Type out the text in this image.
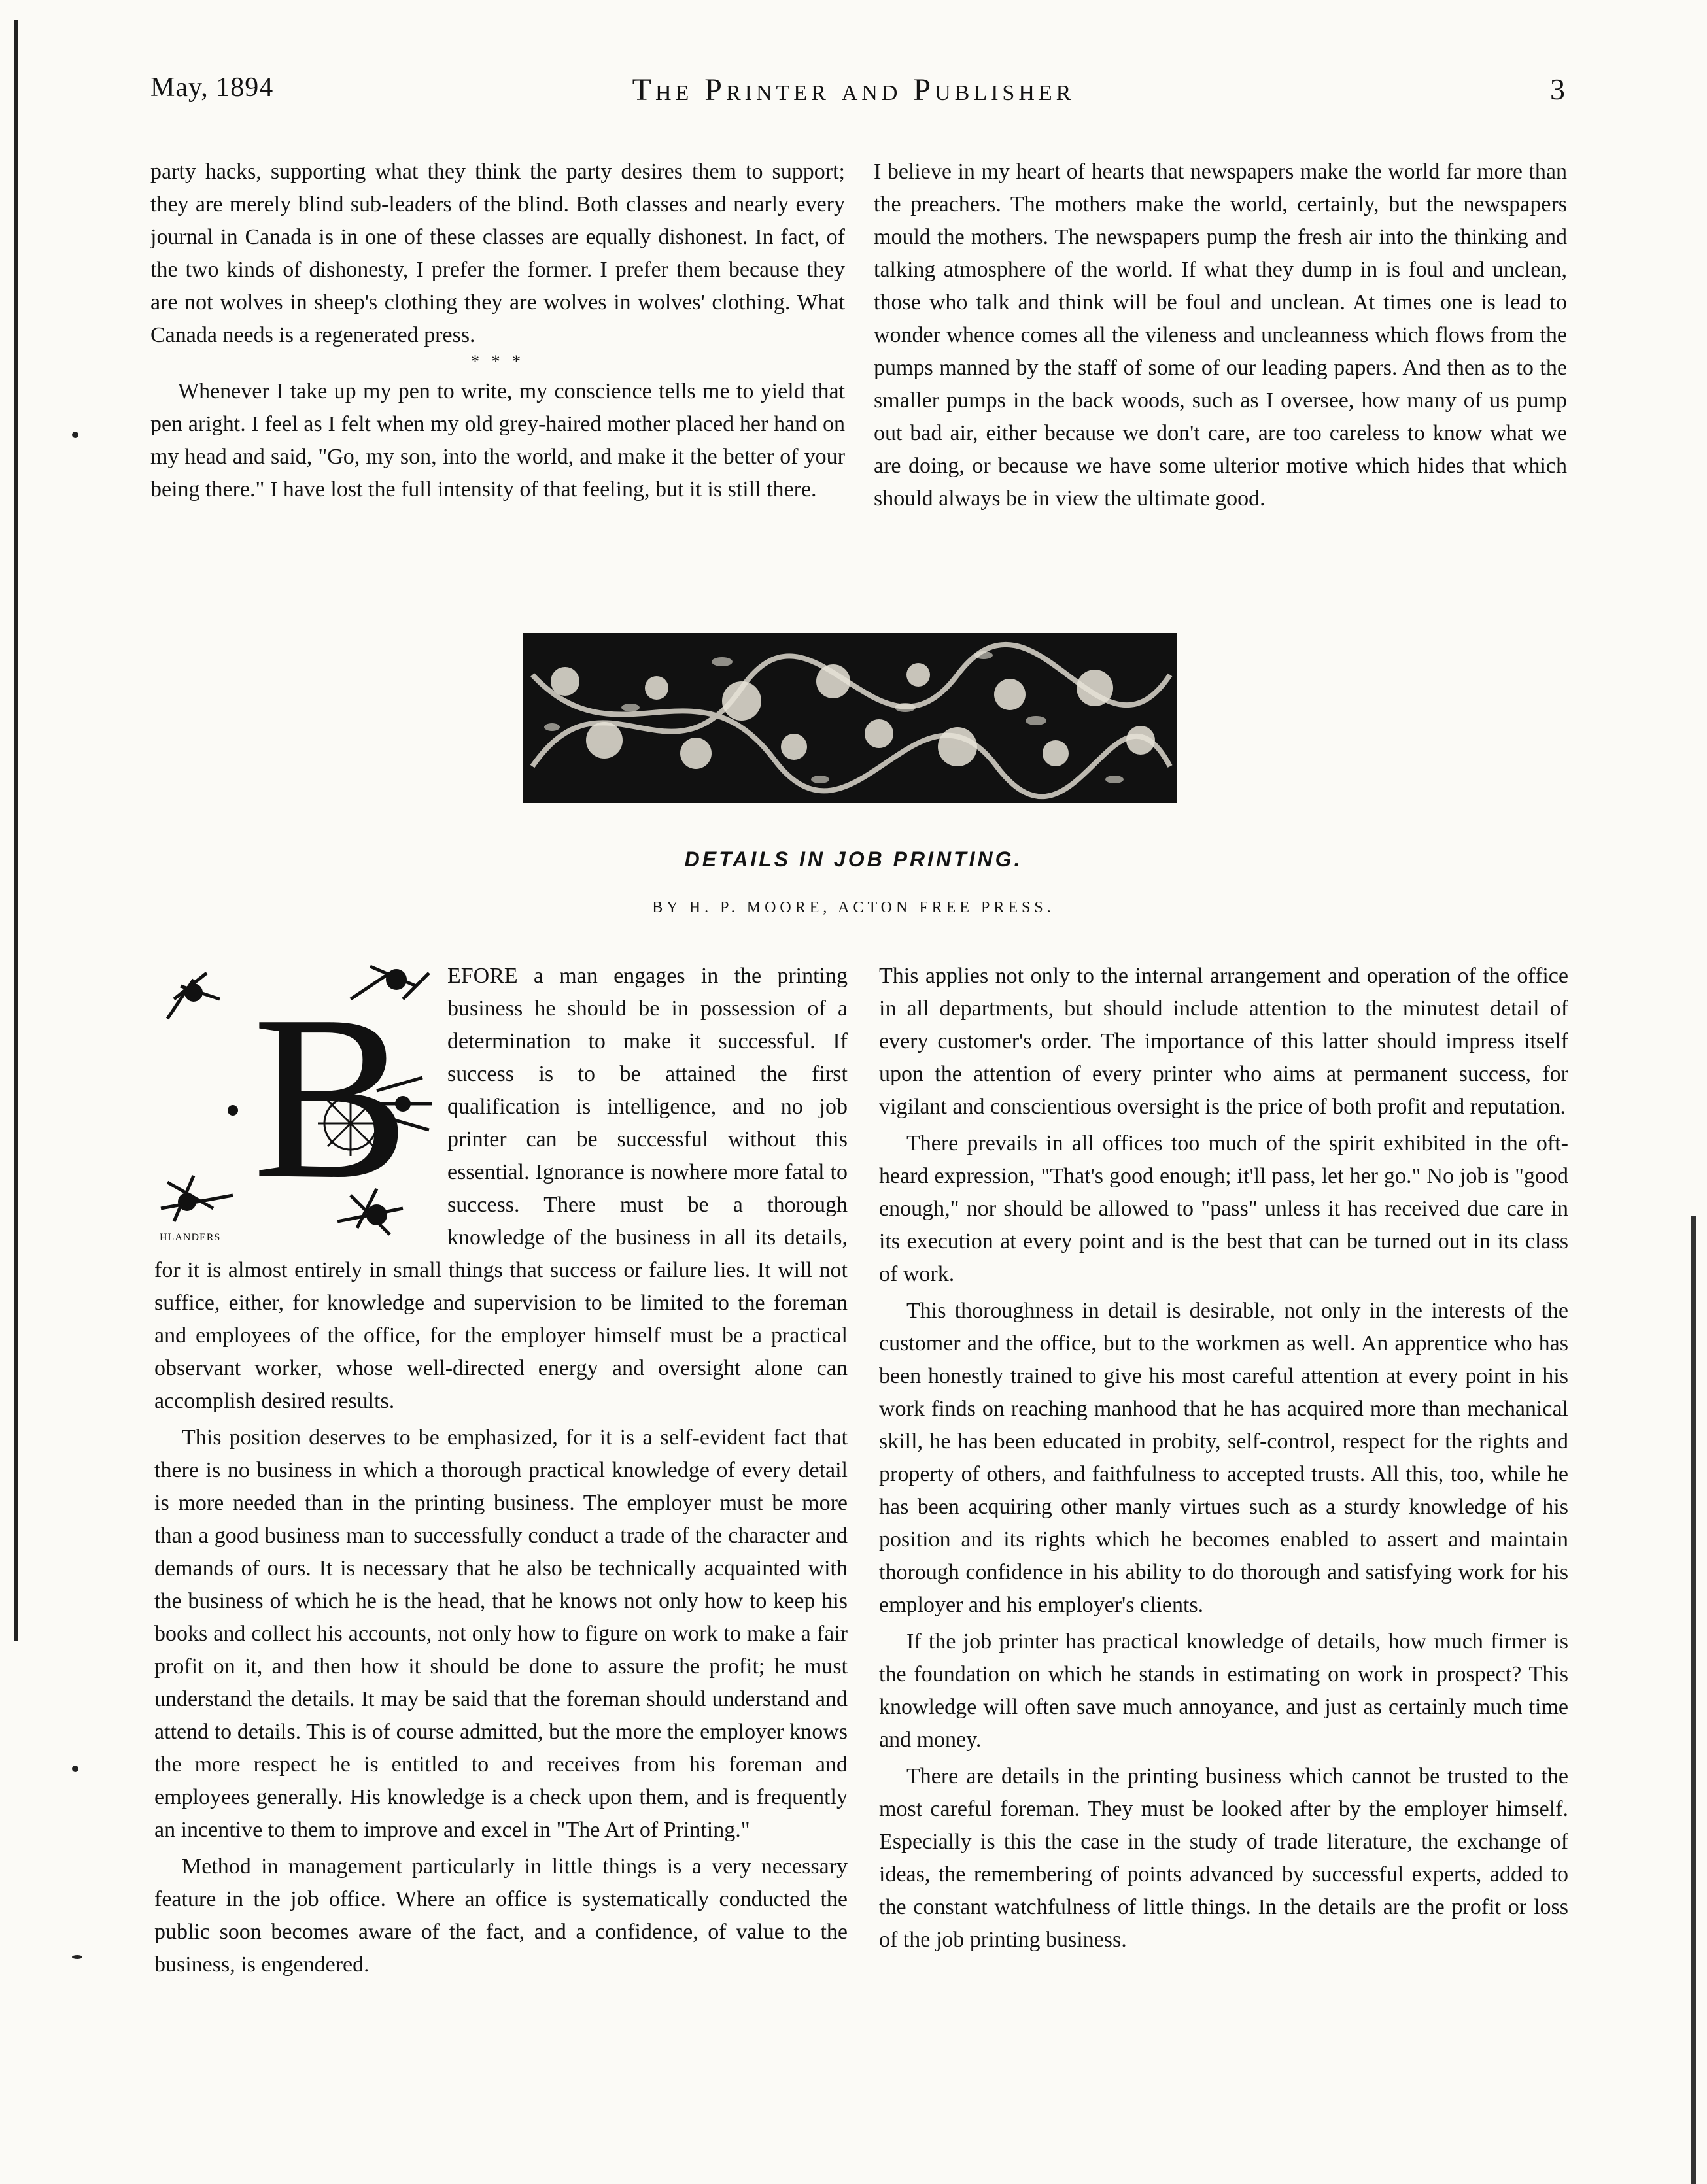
May, 1894	The Printer and Publisher	3

party hacks, supporting what they think the party desires them to support; they are merely blind sub-leaders of the blind. Both classes and nearly every journal in Canada is in one of these classes are equally dishonest. In fact, of the two kinds of dishonesty, I prefer the former. I prefer them because they are not wolves in sheep's clothing they are wolves in wolves' clothing. What Canada needs is a regenerated press.

* * *

Whenever I take up my pen to write, my conscience tells me to yield that pen aright. I feel as I felt when my old grey-haired mother placed her hand on my head and said, "Go, my son, into the world, and make it the better of your being there." I have lost the full intensity of that feeling, but it is still there.

I believe in my heart of hearts that newspapers make the world far more than the preachers. The mothers make the world, certainly, but the newspapers mould the mothers. The newspapers pump the fresh air into the thinking and talking atmosphere of the world. If what they dump in is foul and unclean, those who talk and think will be foul and unclean. At times one is lead to wonder whence comes all the vileness and uncleanness which flows from the pumps manned by the staff of some of our leading papers. And then as to the smaller pumps in the back woods, such as I oversee, how many of us pump out bad air, either because we don't care, are too careless to know what we are doing, or because we have some ulterior motive which hides that which should always be in view the ultimate good.

DETAILS IN JOB PRINTING.
BY H. P. MOORE, ACTON FREE PRESS.
B
HLANDERS

EFORE a man engages in the printing business he should be in possession of a determination to make it successful. If success is to be attained the first qualification is intelligence, and no job printer can be successful without this essential. Ignorance is nowhere more fatal to success. There must be a thorough knowledge of the business in all its details, for it is almost entirely in small things that success or failure lies. It will not suffice, either, for knowledge and supervision to be limited to the foreman and employees of the office, for the employer himself must be a practical observant worker, whose well-directed energy and oversight alone can accomplish desired results.

This position deserves to be emphasized, for it is a self-evident fact that there is no business in which a thorough practical knowledge of every detail is more needed than in the printing business. The employer must be more than a good business man to successfully conduct a trade of the character and demands of ours. It is necessary that he also be technically acquainted with the business of which he is the head, that he knows not only how to keep his books and collect his accounts, not only how to figure on work to make a fair profit on it, and then how it should be done to assure the profit; he must understand the details. It may be said that the foreman should understand and attend to details. This is of course admitted, but the more the employer knows the more respect he is entitled to and receives from his foreman and employees generally. His knowledge is a check upon them, and is frequently an incentive to them to improve and excel in "The Art of Printing."

Method in management particularly in little things is a very necessary feature in the job office. Where an office is systematically conducted the public soon becomes aware of the fact, and a confidence, of value to the business, is engendered.

This applies not only to the internal arrangement and operation of the office in all departments, but should include attention to the minutest detail of every customer's order. The importance of this latter should impress itself upon the attention of every printer who aims at permanent success, for vigilant and conscientious oversight is the price of both profit and reputation.

There prevails in all offices too much of the spirit exhibited in the oft-heard expression, "That's good enough; it'll pass, let her go." No job is "good enough," nor should be allowed to "pass" unless it has received due care in its execution at every point and is the best that can be turned out in its class of work.

This thoroughness in detail is desirable, not only in the interests of the customer and the office, but to the workmen as well. An apprentice who has been honestly trained to give his most careful attention at every point in his work finds on reaching manhood that he has acquired more than mechanical skill, he has been educated in probity, self-control, respect for the rights and property of others, and faithfulness to accepted trusts. All this, too, while he has been acquiring other manly virtues such as a sturdy knowledge of his position and its rights which he becomes enabled to assert and maintain thorough confidence in his ability to do thorough and satisfying work for his employer and his employer's clients.

If the job printer has practical knowledge of details, how much firmer is the foundation on which he stands in estimating on work in prospect? This knowledge will often save much annoyance, and just as certainly much time and money.

There are details in the printing business which cannot be trusted to the most careful foreman. They must be looked after by the employer himself. Especially is this the case in the study of trade literature, the exchange of ideas, the remembering of points advanced by successful experts, added to the constant watchfulness of little things. In the details are the profit or loss of the job printing business.
